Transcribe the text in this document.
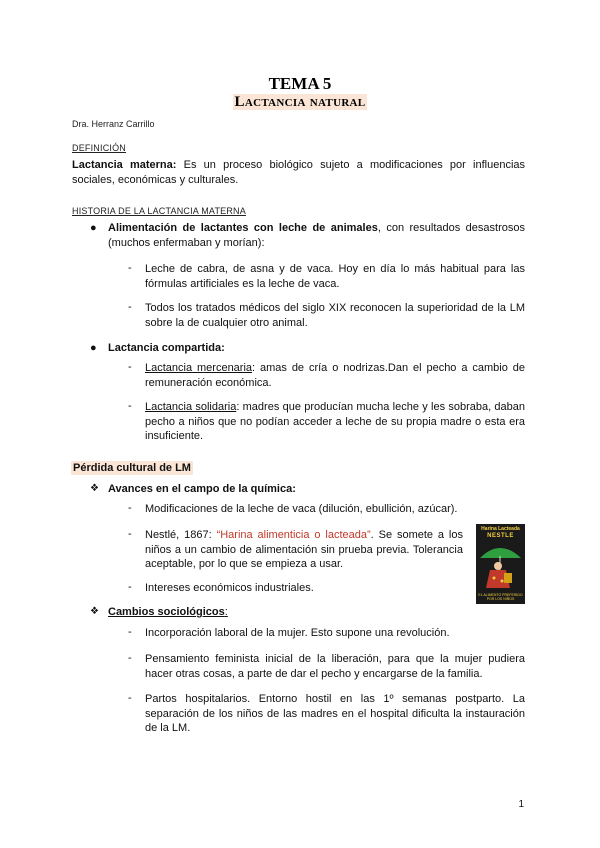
TEMA 5
Lactancia natural
Dra. Herranz Carrillo
DEFINICIÓN
Lactancia materna: Es un proceso biológico sujeto a modificaciones por influencias sociales, económicas y culturales.
HISTORIA DE LA LACTANCIA MATERNA
● Alimentación de lactantes con leche de animales, con resultados desastrosos (muchos enfermaban y morían):
- Leche de cabra, de asna y de vaca. Hoy en día lo más habitual para las fórmulas artificiales es la leche de vaca.
- Todos los tratados médicos del siglo XIX reconocen la superioridad de la LM sobre la de cualquier otro animal.
● Lactancia compartida:
- Lactancia mercenaria: amas de cría o nodrizas.Dan el pecho a cambio de remuneración económica.
- Lactancia solidaria: madres que producían mucha leche y les sobraba, daban pecho a niños que no podían acceder a leche de su propia madre o esta era insuficiente.
Pérdida cultural de LM
❖ Avances en el campo de la química:
- Modificaciones de la leche de vaca (dilución, ebullición, azúcar).
- Nestlé, 1867: “Harina alimenticia o lacteada”. Se somete a los niños a un cambio de alimentación sin prueba previa. Tolerancia aceptable, por lo que se empieza a usar.
- Intereses económicos industriales.
Harina Lacteada
NESTLE
EL ALIMENTO PREFERIDO POR LOS NIÑOS
❖ Cambios sociológicos:
- Incorporación laboral de la mujer. Esto supone una revolución.
- Pensamiento feminista inicial de la liberación, para que la mujer pudiera hacer otras cosas, a parte de dar el pecho y encargarse de la familia.
- Partos hospitalarios. Entorno hostil en las 1º semanas postparto. La separación de los niños de las madres en el hospital dificulta la instauración de la LM.
1
